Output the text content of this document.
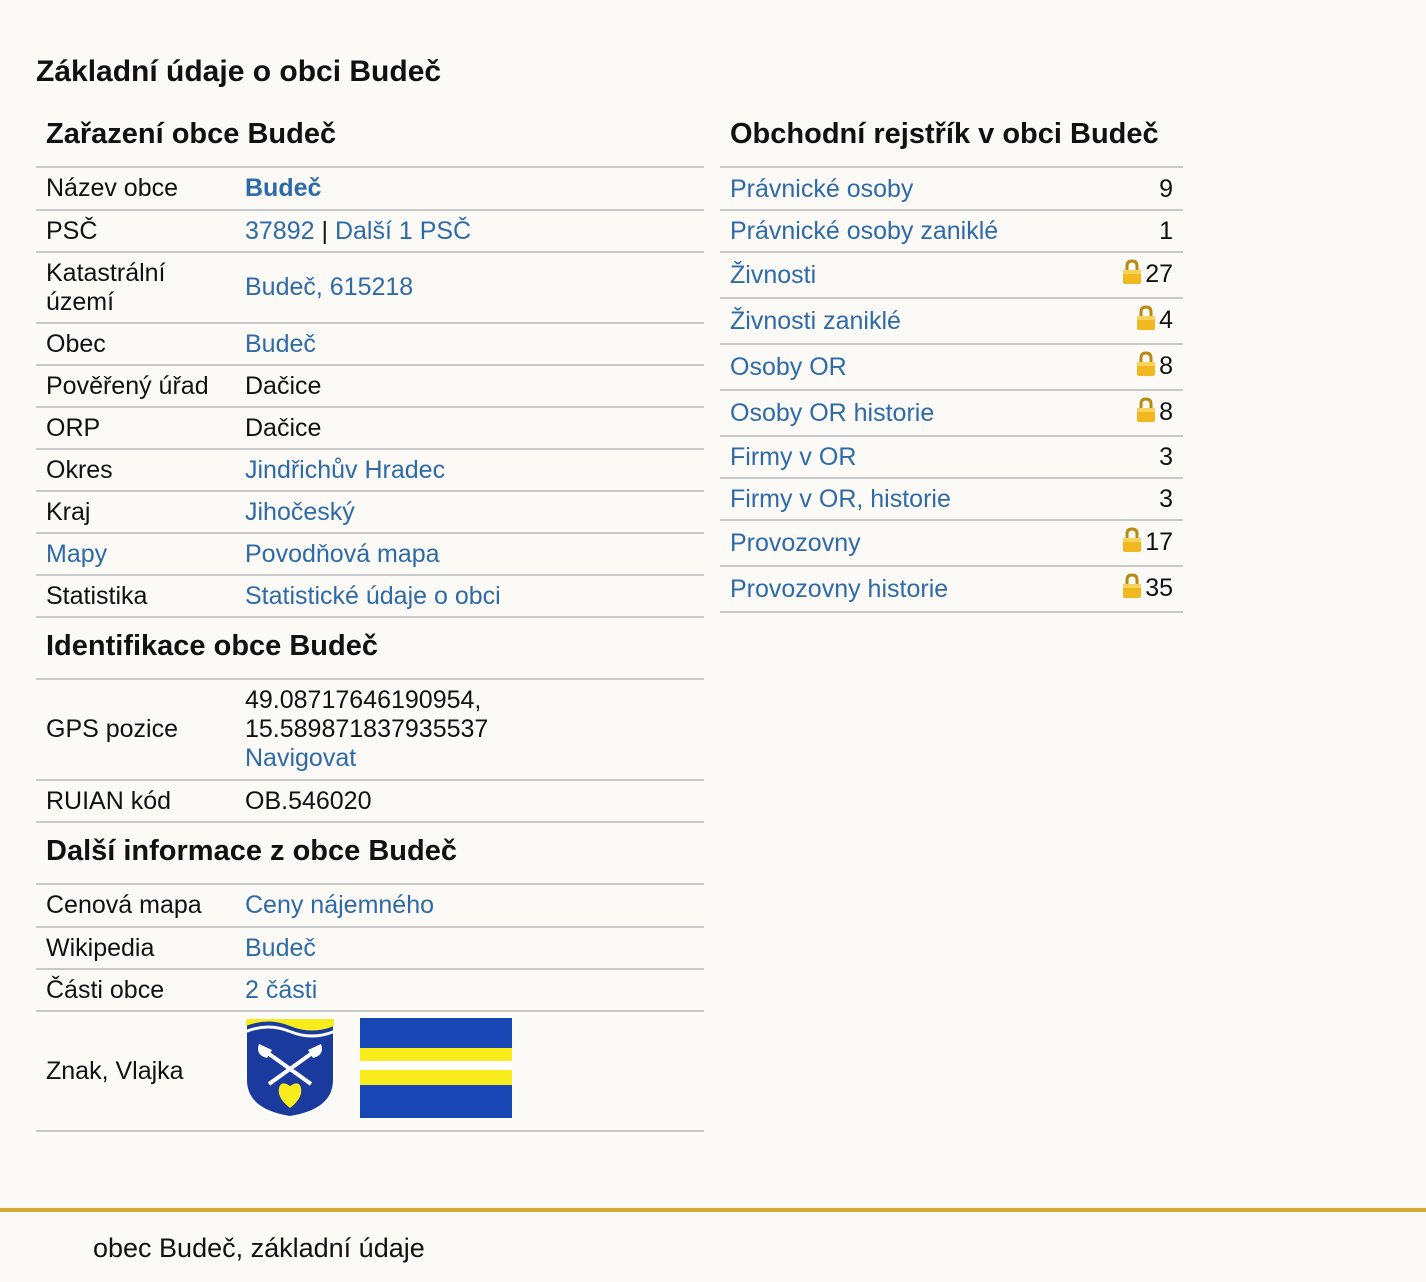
Základní údaje o obci Budeč
Zařazení obce Budeč
Název obce	Budeč
PSČ	37892 | Další 1 PSČ
Katastrální území	Budeč, 615218
Obec	Budeč
Pověřený úřad	Dačice
ORP	Dačice
Okres	Jindřichův Hradec
Kraj	Jihočeský
Mapy	Povodňová mapa
Statistika	Statistické údaje o obci
Identifikace obce Budeč
GPS pozice	49.08717646190954,
15.589871837935537
Navigovat
RUIAN kód	OB.546020
Další informace z obce Budeč
Cenová mapa	Ceny nájemného
Wikipedia	Budeč
Části obce	2 části
Znak, Vlajka	
Obchodní rejstřík v obci Budeč
Právnické osoby	9
Právnické osoby zaniklé	1
Živnosti	27
Živnosti zaniklé	4
Osoby OR	8
Osoby OR historie	8
Firmy v OR	3
Firmy v OR, historie	3
Provozovny	17
Provozovny historie	35
obec Budeč, základní údaje
